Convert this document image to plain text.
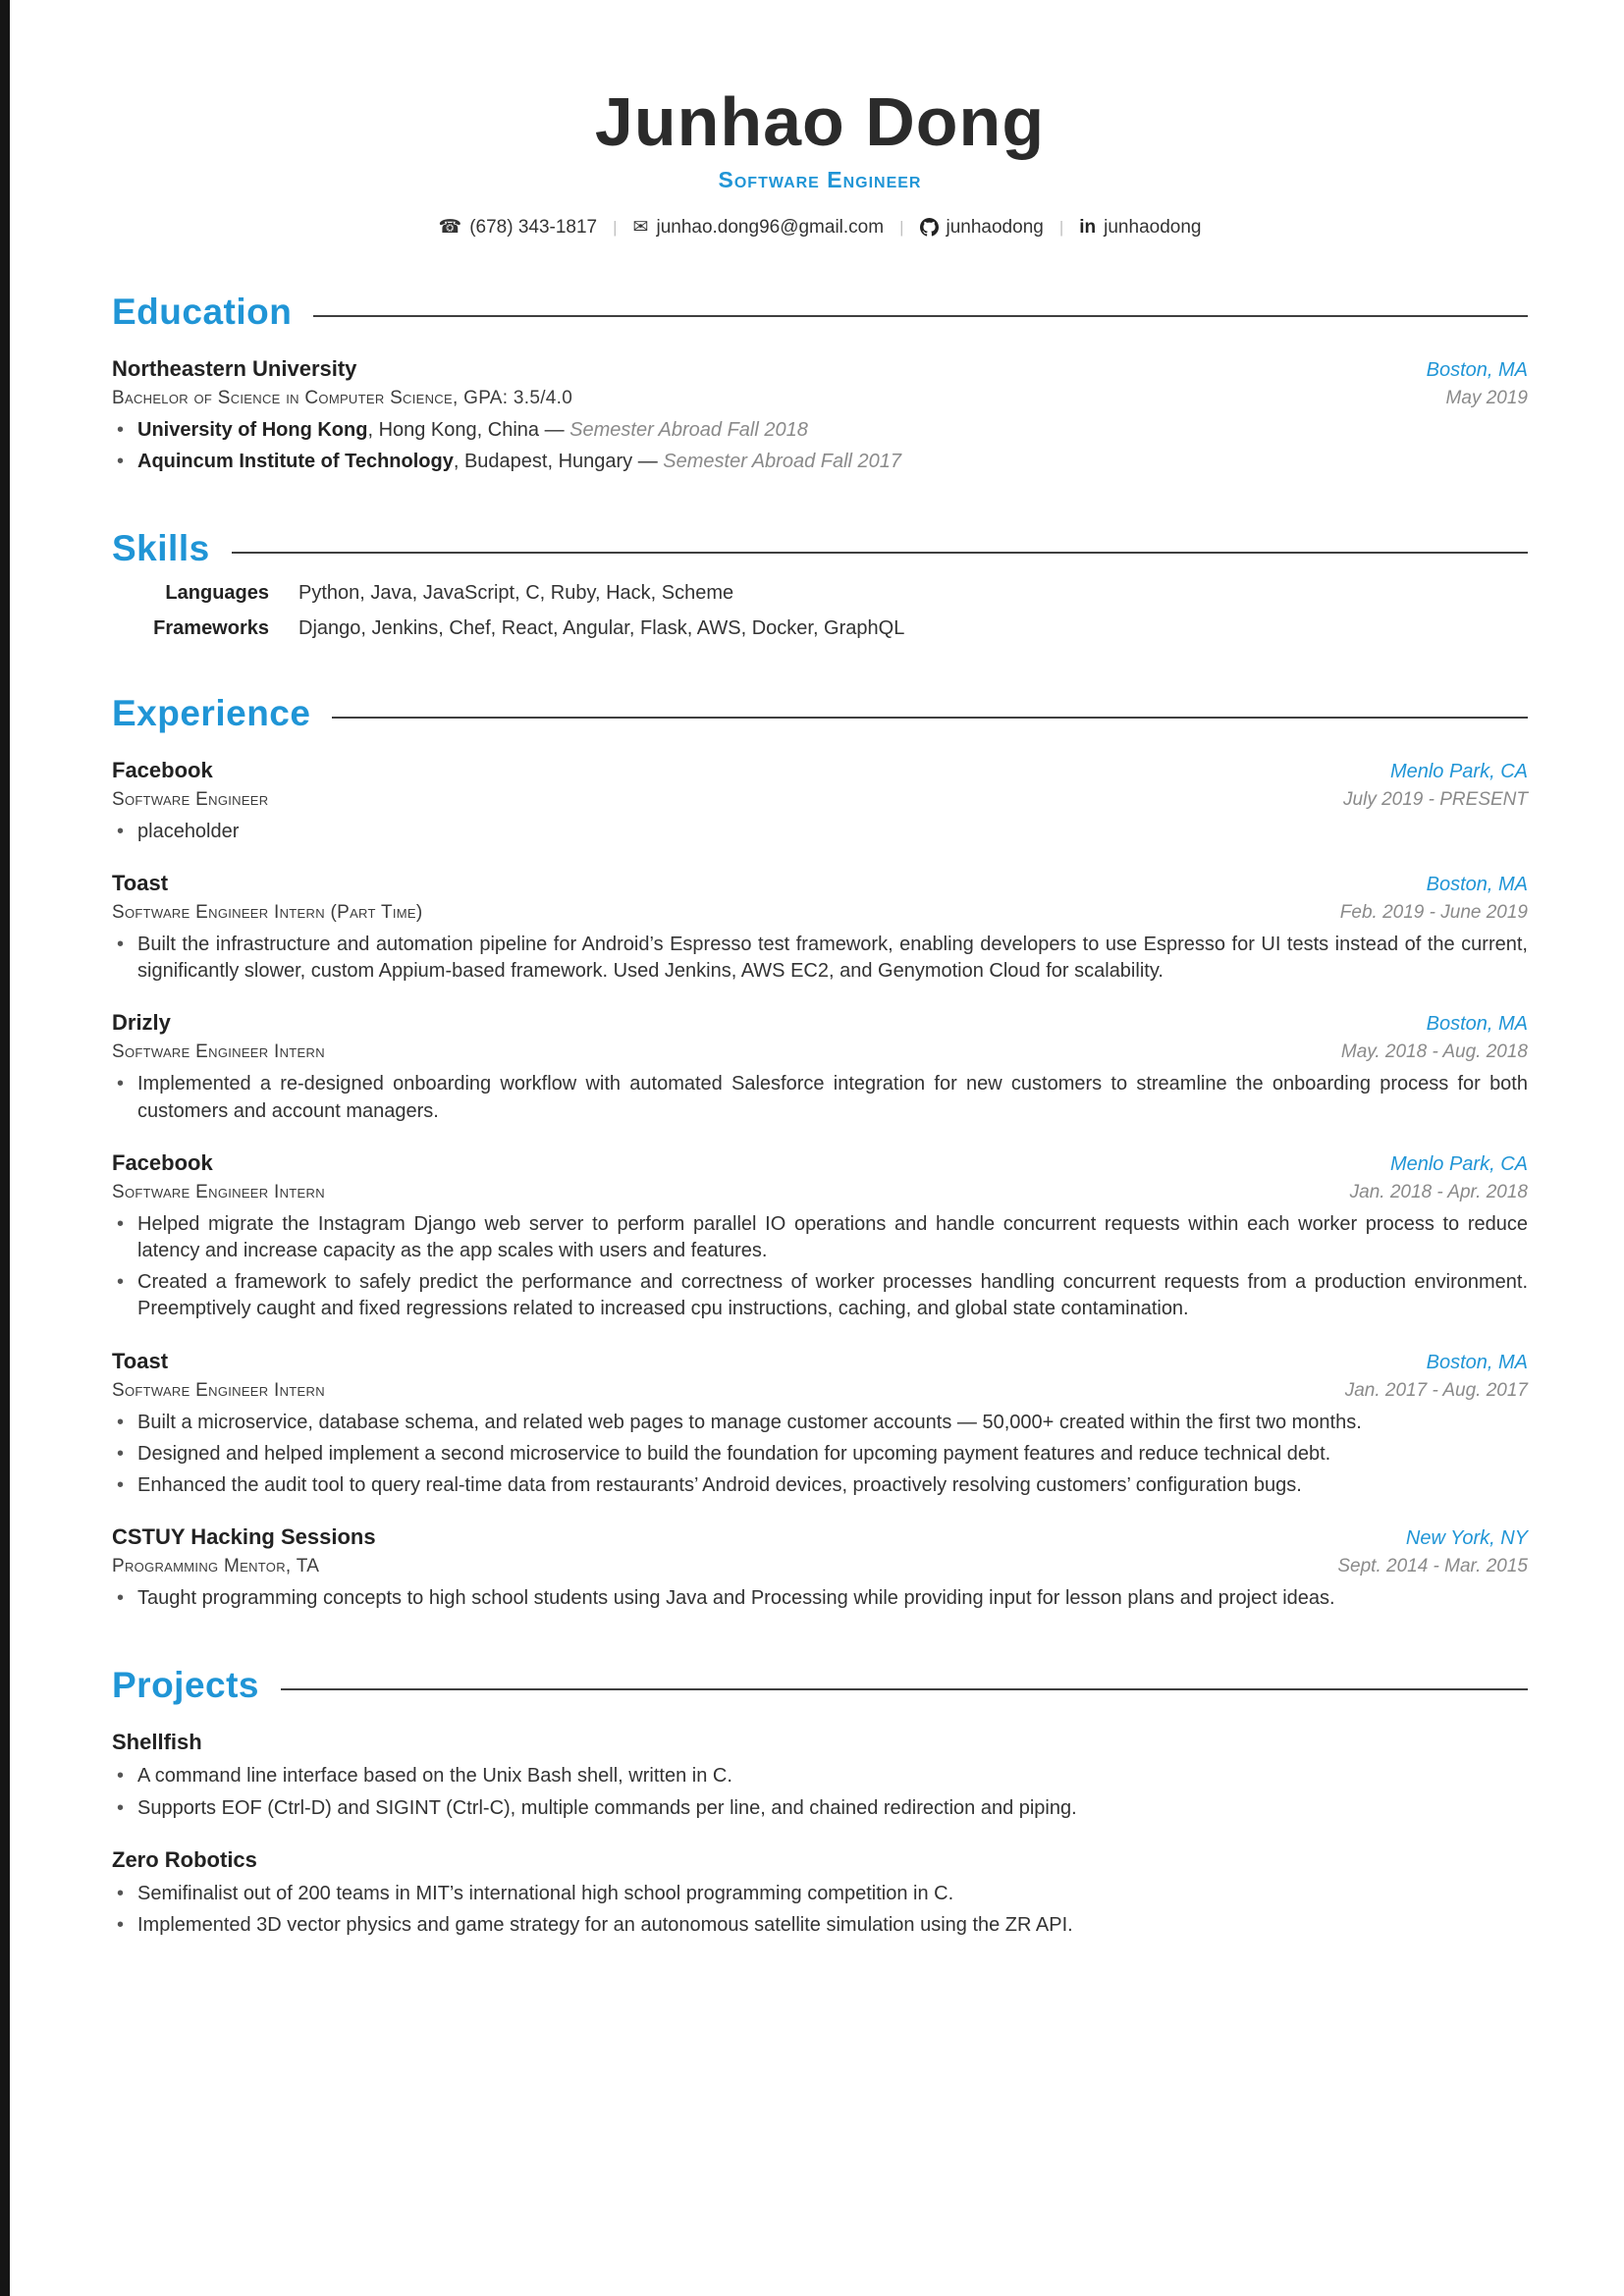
Junhao Dong
Software Engineer
☎ (678) 343-1817 | ✉ junhao.dong96@gmail.com | junhaodong | in junhaodong
Education
Northeastern University	Boston, MA
Bachelor of Science in Computer Science, GPA: 3.5/4.0	May 2019
• University of Hong Kong, Hong Kong, China — Semester Abroad Fall 2018
• Aquincum Institute of Technology, Budapest, Hungary — Semester Abroad Fall 2017
Skills
Languages Python, Java, JavaScript, C, Ruby, Hack, Scheme
Frameworks Django, Jenkins, Chef, React, Angular, Flask, AWS, Docker, GraphQL
Experience
Facebook	Menlo Park, CA
Software Engineer	July 2019 - PRESENT
• placeholder
Toast	Boston, MA
Software Engineer Intern (Part Time)	Feb. 2019 - June 2019
• Built the infrastructure and automation pipeline for Android’s Espresso test framework, enabling developers to use Espresso for UI tests instead of the current, significantly slower, custom Appium-based framework. Used Jenkins, AWS EC2, and Genymotion Cloud for scalability.
Drizly	Boston, MA
Software Engineer Intern	May. 2018 - Aug. 2018
• Implemented a re-designed onboarding workflow with automated Salesforce integration for new customers to streamline the onboarding process for both customers and account managers.
Facebook	Menlo Park, CA
Software Engineer Intern	Jan. 2018 - Apr. 2018
• Helped migrate the Instagram Django web server to perform parallel IO operations and handle concurrent requests within each worker process to reduce latency and increase capacity as the app scales with users and features.
• Created a framework to safely predict the performance and correctness of worker processes handling concurrent requests from a production environment. Preemptively caught and fixed regressions related to increased cpu instructions, caching, and global state contamination.
Toast	Boston, MA
Software Engineer Intern	Jan. 2017 - Aug. 2017
• Built a microservice, database schema, and related web pages to manage customer accounts — 50,000+ created within the first two months.
• Designed and helped implement a second microservice to build the foundation for upcoming payment features and reduce technical debt.
• Enhanced the audit tool to query real-time data from restaurants’ Android devices, proactively resolving customers’ configuration bugs.
CSTUY Hacking Sessions	New York, NY
Programming Mentor, TA	Sept. 2014 - Mar. 2015
• Taught programming concepts to high school students using Java and Processing while providing input for lesson plans and project ideas.
Projects
Shellfish
• A command line interface based on the Unix Bash shell, written in C.
• Supports EOF (Ctrl-D) and SIGINT (Ctrl-C), multiple commands per line, and chained redirection and piping.
Zero Robotics
• Semifinalist out of 200 teams in MIT’s international high school programming competition in C.
• Implemented 3D vector physics and game strategy for an autonomous satellite simulation using the ZR API.
